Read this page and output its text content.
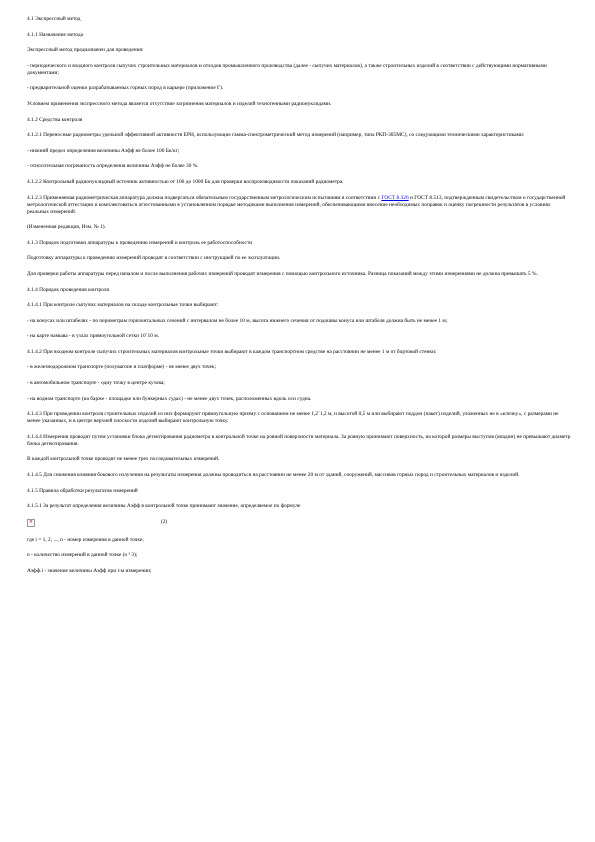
4.1 Экспрессный метод

4.1.1 Назначение метода

Экспрессный метод предназначен для проведения:

- периодического и входного контроля сыпучих строительных материалов и отходов промышленного производства (далее - сыпучих материалов), а также строительных изделий в соответствии с действующими нормативными документами;

- предварительной оценки разрабатываемых горных пород в карьере (приложение Г).

Условием применения экспрессного метода является отсутствие загрязнения материалов и изделий техногенными радионуклидами.

4.1.2 Средства контроля

4.1.2.1 Переносные радиометры удельной эффективной активности ЕРН, использующие гамма-спектрометрический метод измерений (например, типа РКП-305МС), со следующими техническими характеристиками:

- нижний предел определения величины Аэфф не более 100 Бк/кг;

- относительная погрешность определения величины Аэфф не более 30 %.

4.1.2.2 Контрольный радионуклидный источник активностью от 100 до 1000 Бк для проверки воспроизводимости показаний радиометра.

4.1.2.3 Применяемая радиометрическая аппаратура должна подвергаться обязательным государственным метрологическим испытаниям в соответствии с ГОСТ 8.326 и ГОСТ 8.513, подтвержденным свидетельством о государственной метрологической аттестации и комплектоваться аттестованными в установленном порядке методиками выполнения измерений, обеспечивающими внесение необходимых поправок и оценку погрешности результатов в условиях реальных измерений.

(Измененная редакция, Изм. № 1).

4.1.3 Порядок подготовки аппаратуры к проведению измерений и контроль ее работоспособности

Подготовку аппаратуры к проведению измерений проводят в соответствии с инструкцией по ее эксплуатации.

Для проверки работы аппаратуры перед началом и после выполнения рабочих измерений проводят измерения с помощью контрольного источника. Разница показаний между этими измерениями не должна превышать 5 %.

4.1.4 Порядок проведения контроля

4.1.4.1 При контроле сыпучих материалов на складе контрольные точки выбирают:

- на конусах или штабелях - по периметрам горизонтальных сечений с интервалом не более 10 м, высота нижнего сечения от подошвы конуса или штабеля должна быть не менее 1 м;

- на карте намыва - в узлах прямоугольной сетки 10´10 м.

4.1.4.2 При входном контроле сыпучих строительных материалов контрольные точки выбирают в каждом транспортном средстве на расстоянии не менее 1 м от бортовой стенки:

- в железнодорожном транспорте (полувагоне и платформе) - не менее двух точек;

- в автомобильном транспорте - одну точку в центре кузова;

- на водном транспорте (на барже - площадке или бункерных судах) - не менее двух точек, расположенных вдоль оси судна.

4.1.4.3 При проведении контроля строительных изделий из них формируют прямоугольную призму с основанием не менее 1,2´1,2 м, и высотой 0,5 м или выбирают поддон (пакет) изделий, уложенных не в «елочку», с размерами не менее указанных, и в центре верхней плоскости изделий выбирают контрольную точку.

4.1.4.4 Измерения проводят путем установки блока детектирования радиометра в контрольной точке на ровной поверхности материала. За ровную принимают поверхность, на которой размеры выступов (впадин) не превышают диаметр блока детектирования.

В каждой контрольной точке проводят не менее трех последовательных измерений.

4.1.4.5 Для снижения влияния бокового излучения на результаты измерения должны проводиться на расстоянии не менее 20 м от зданий, сооружений, массивов горных пород и строительных материалов и изделий.

4.1.5 Правила обработки результатов измерений

4.1.5.1 За результат определения величины Аэфф в контрольной точке принимают значение, определяемое по формуле

×	(2)

где i = 1, 2, ..., n - номер измерения в данной точке;

n - количество измерений в данной точке (n ³ 3);

Аэфф.i - значение величины Аэфф при i-м измерении;
